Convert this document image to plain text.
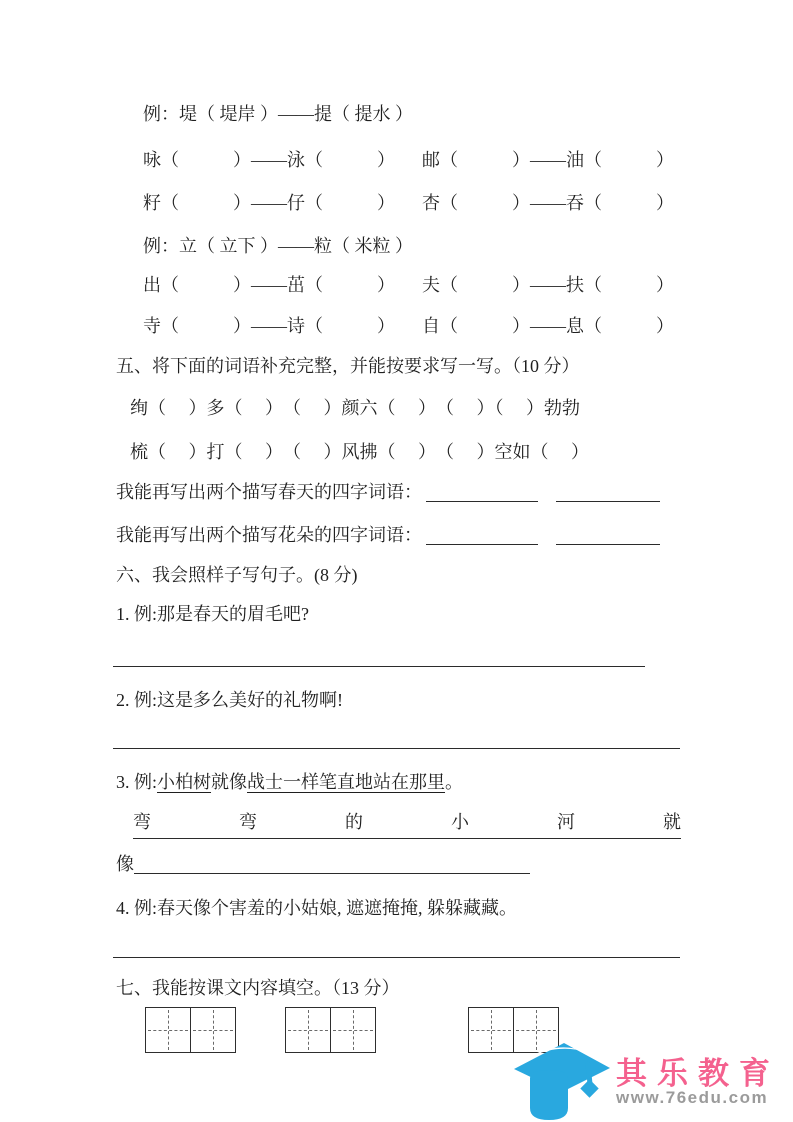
例：堤（ 堤岸 ）——提（ 提水 ）
咏（　　　）——泳（　　　）　　邮（　　　）——油（　　　）
籽（　　　）——仔（　　　）　　杏（　　　）——吞（　　　）
例：立（ 立下 ）——粒（ 米粒 ）
出（　　　）——茁（　　　）　　夫（　　　）——扶（　　　）
寺（　　　）——诗（　　　）　　自（　　　）——息（　　　）
五、将下面的词语补充完整，并能按要求写一写。（10 分）
绚（　 ）多（　 ）　（　 ）颜六（　 ）　（　 ）（　 ）勃勃
梳（　 ）打（　 ）　（　 ）风拂（　 ）　（　 ）空如（　 ）
我能再写出两个描写春天的四字词语：
我能再写出两个描写花朵的四字词语：
六、我会照样子写句子。(8 分)
1. 例:那是春天的眉毛吧?
2. 例:这是多么美好的礼物啊!
3. 例:小柏树就像战士一样笔直地站在那里。
弯	弯	的	小	河	就
像
4. 例:春天像个害羞的小姑娘, 遮遮掩掩, 躲躲藏藏。
七、我能按课文内容填空。（13 分）
其乐教育
www.76edu.com
